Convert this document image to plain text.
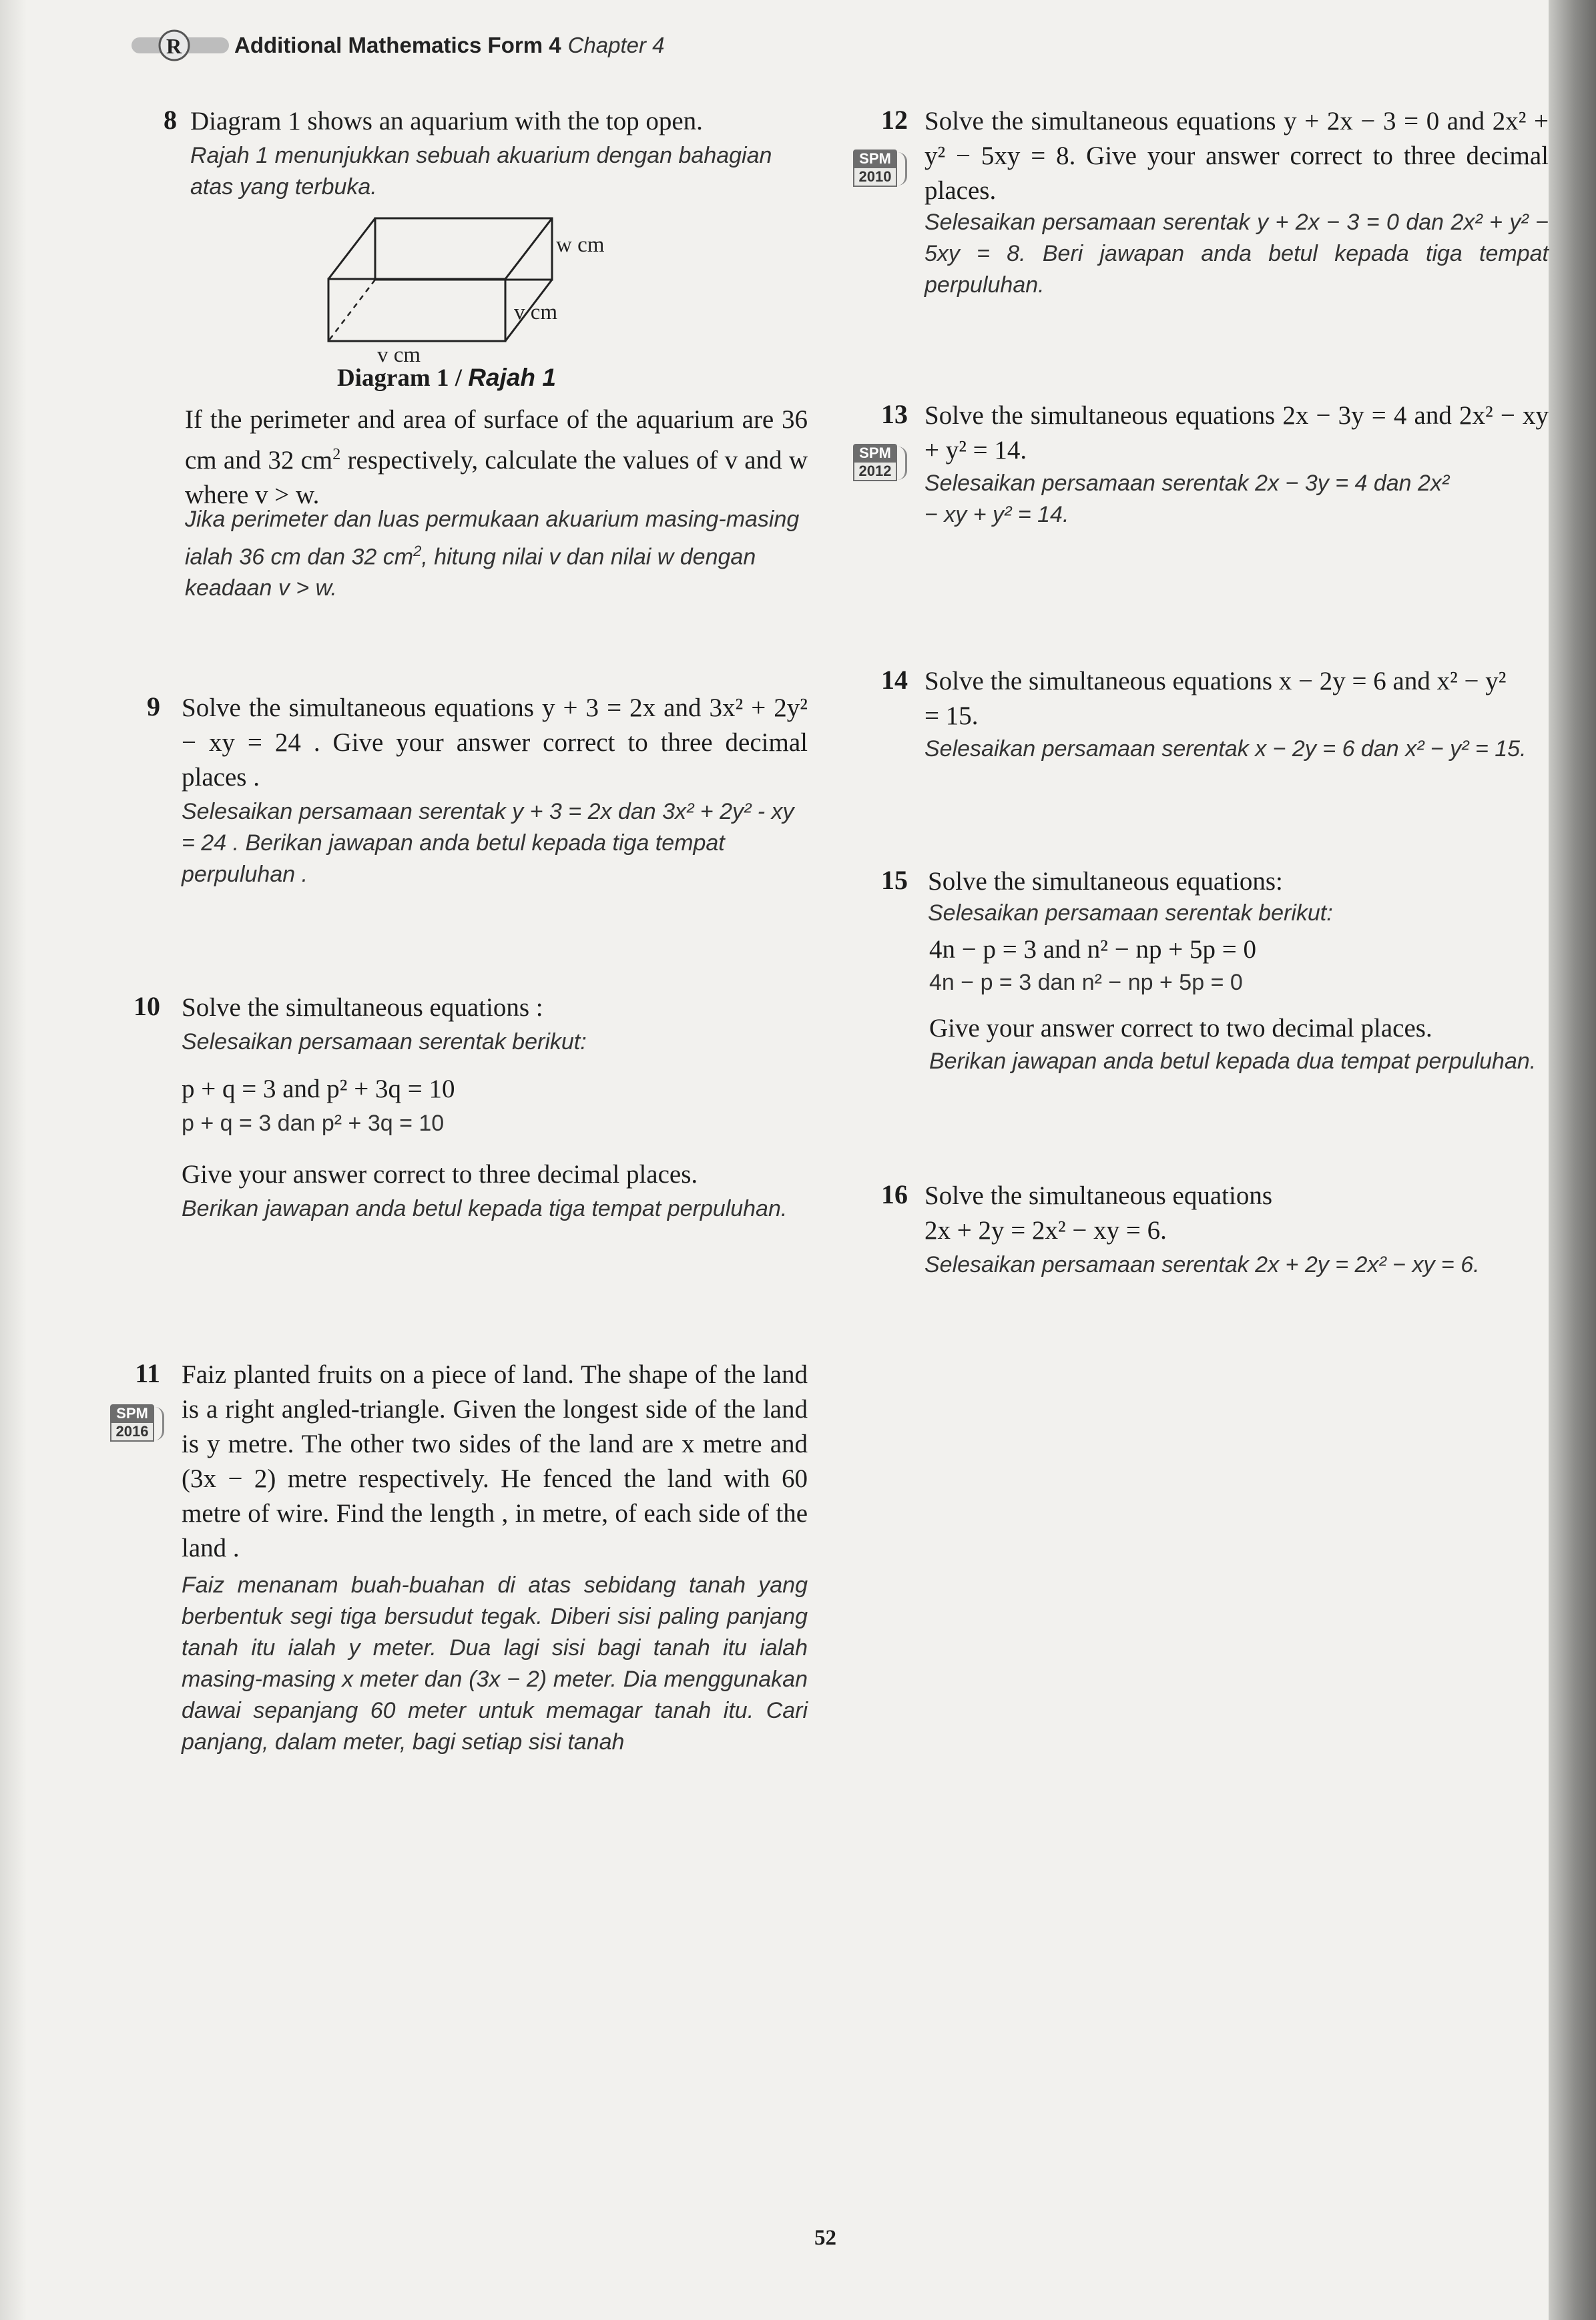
R Additional Mathematics Form 4 Chapter 4
8 Diagram 1 shows an aquarium with the top open.
Rajah 1 menunjukkan sebuah akuarium dengan bahagian atas yang terbuka.
w cm
v cm
v cm
Diagram 1 / Rajah 1
If the perimeter and area of surface of the aquarium are 36 cm and 32 $cm^2$ respectively, calculate the values of v and w where v > w.
Jika perimeter dan luas permukaan akuarium masing-masing ialah 36 cm dan 32 $cm^2$, hitung nilai v dan nilai w dengan keadaan v > w.
9 Solve the simultaneous equations y + 3 = 2x and 3x² + 2y² − xy = 24 . Give your answer correct to three decimal places .
Selesaikan persamaan serentak y + 3 = 2x dan 3x² + 2y² - xy = 24 . Berikan jawapan anda betul kepada tiga tempat perpuluhan .
10 Solve the simultaneous equations :
Selesaikan persamaan serentak berikut:
p + q = 3 and p² + 3q = 10
p + q = 3 dan p² + 3q = 10
Give your answer correct to three decimal places.
Berikan jawapan anda betul kepada tiga tempat perpuluhan.
11
SPM
2016
Faiz planted fruits on a piece of land. The shape of the land is a right angled-triangle. Given the longest side of the land is y metre. The other two sides of the land are x metre and (3x − 2) metre respectively. He fenced the land with 60 metre of wire. Find the length , in metre, of each side of the land .
Faiz menanam buah-buahan di atas sebidang tanah yang berbentuk segi tiga bersudut tegak. Diberi sisi paling panjang tanah itu ialah y meter. Dua lagi sisi bagi tanah itu ialah masing-masing x meter dan (3x − 2) meter. Dia menggunakan dawai sepanjang 60 meter untuk memagar tanah itu. Cari panjang, dalam meter, bagi setiap sisi tanah
12
SPM
2010
Solve the simultaneous equations y + 2x − 3 = 0 and 2x² + y² − 5xy = 8. Give your answer correct to three decimal places.
Selesaikan persamaan serentak y + 2x − 3 = 0 dan 2x² + y² − 5xy = 8. Beri jawapan anda betul kepada tiga tempat perpuluhan.
13
SPM
2012
Solve the simultaneous equations 2x − 3y = 4 and 2x² − xy + y² = 14.
Selesaikan persamaan serentak 2x − 3y = 4 dan 2x² − xy + y² = 14.
14 Solve the simultaneous equations x − 2y = 6 and x² − y² = 15.
Selesaikan persamaan serentak x − 2y = 6 dan x² − y² = 15.
15 Solve the simultaneous equations:
Selesaikan persamaan serentak berikut:
4n − p = 3 and n² − np + 5p = 0
4n − p = 3 dan n² − np + 5p = 0
Give your answer correct to two decimal places.
Berikan jawapan anda betul kepada dua tempat perpuluhan.
16 Solve the simultaneous equations
2x + 2y = 2x² − xy = 6.
Selesaikan persamaan serentak 2x + 2y = 2x² − xy = 6.
52
